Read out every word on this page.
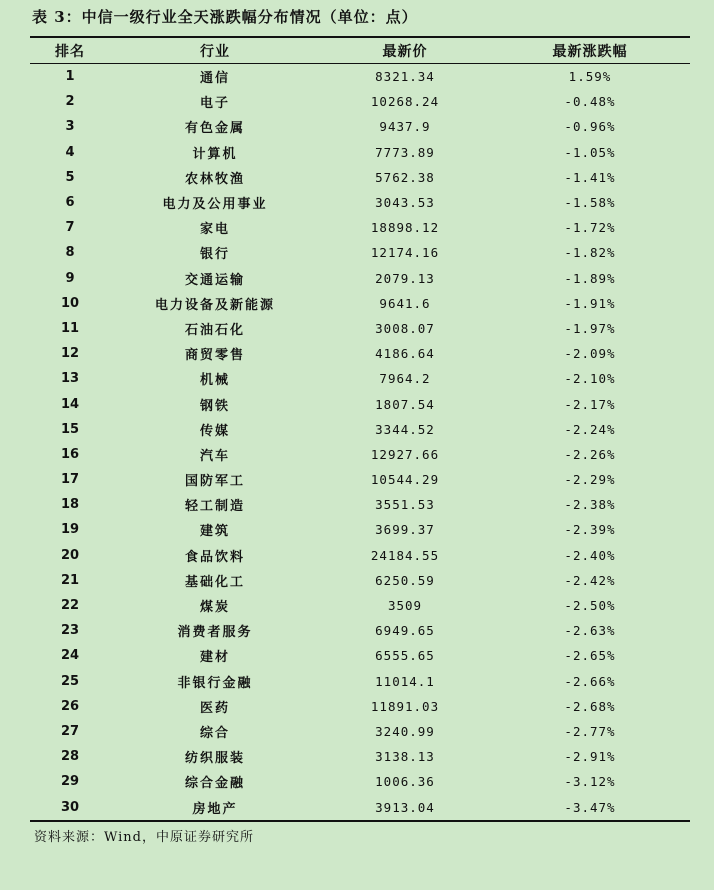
表 3：中信一级行业全天涨跌幅分布情况（单位：点）
排名	行业	最新价	最新涨跌幅
1	通信	8321.34	1.59%
2	电子	10268.24	-0.48%
3	有色金属	9437.9	-0.96%
4	计算机	7773.89	-1.05%
5	农林牧渔	5762.38	-1.41%
6	电力及公用事业	3043.53	-1.58%
7	家电	18898.12	-1.72%
8	银行	12174.16	-1.82%
9	交通运输	2079.13	-1.89%
10	电力设备及新能源	9641.6	-1.91%
11	石油石化	3008.07	-1.97%
12	商贸零售	4186.64	-2.09%
13	机械	7964.2	-2.10%
14	钢铁	1807.54	-2.17%
15	传媒	3344.52	-2.24%
16	汽车	12927.66	-2.26%
17	国防军工	10544.29	-2.29%
18	轻工制造	3551.53	-2.38%
19	建筑	3699.37	-2.39%
20	食品饮料	24184.55	-2.40%
21	基础化工	6250.59	-2.42%
22	煤炭	3509	-2.50%
23	消费者服务	6949.65	-2.63%
24	建材	6555.65	-2.65%
25	非银行金融	11014.1	-2.66%
26	医药	11891.03	-2.68%
27	综合	3240.99	-2.77%
28	纺织服装	3138.13	-2.91%
29	综合金融	1006.36	-3.12%
30	房地产	3913.04	-3.47%
资料来源：Wind，中原证券研究所
